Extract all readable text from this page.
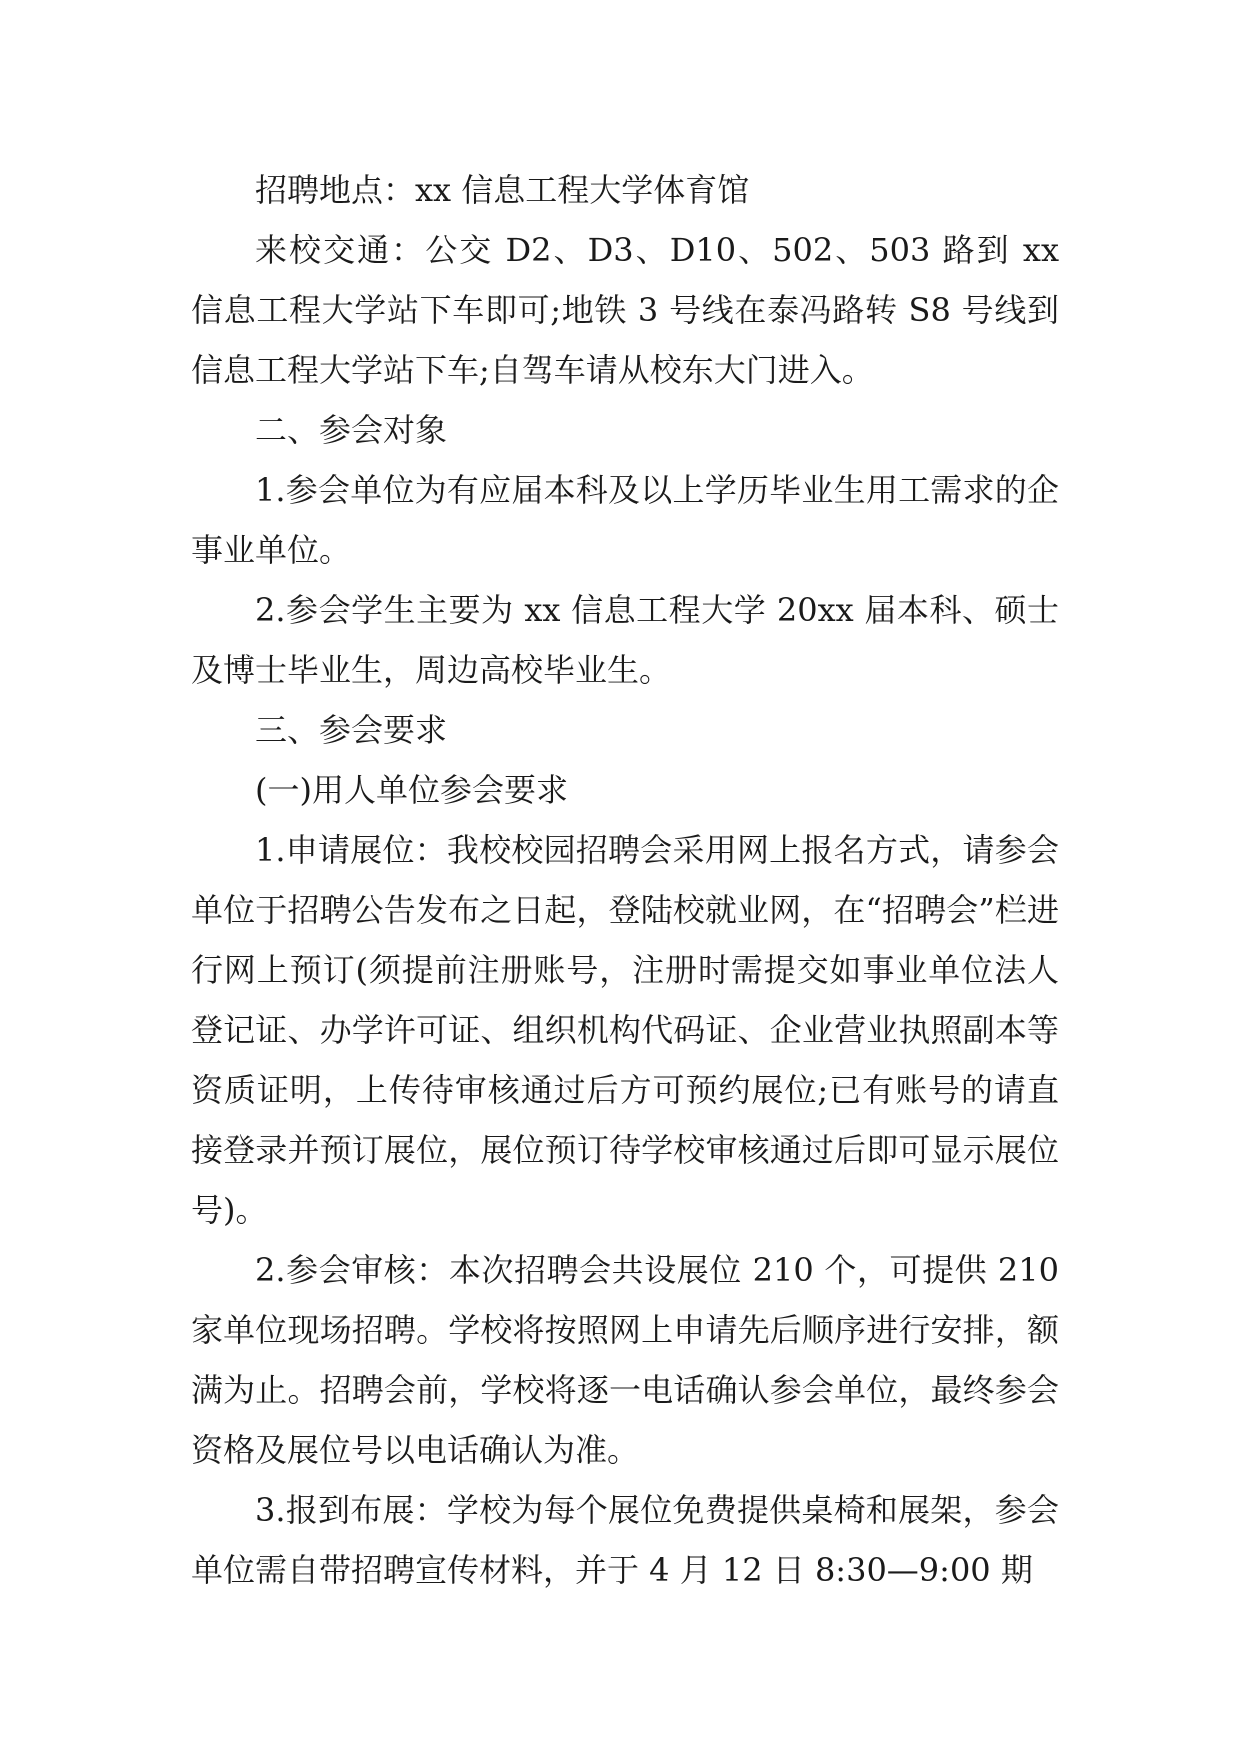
招聘地点：xx 信息工程大学体育馆

来校交通：公交 D2、D3、D10、502、503 路到 xx 信息工程大学站下车即可;地铁 3 号线在泰冯路转 S8 号线到信息工程大学站下车;自驾车请从校东大门进入。

二、参会对象

1.参会单位为有应届本科及以上学历毕业生用工需求的企事业单位。

2.参会学生主要为 xx 信息工程大学 20xx 届本科、硕士及博士毕业生，周边高校毕业生。

三、参会要求

(一)用人单位参会要求

1.申请展位：我校校园招聘会采用网上报名方式，请参会单位于招聘公告发布之日起，登陆校就业网，在“招聘会”栏进行网上预订(须提前注册账号，注册时需提交如事业单位法人登记证、办学许可证、组织机构代码证、企业营业执照副本等资质证明，上传待审核通过后方可预约展位;已有账号的请直接登录并预订展位，展位预订待学校审核通过后即可显示展位号)。

2.参会审核：本次招聘会共设展位 210 个，可提供 210 家单位现场招聘。学校将按照网上申请先后顺序进行安排，额满为止。招聘会前，学校将逐一电话确认参会单位，最终参会资格及展位号以电话确认为准。

3.报到布展：学校为每个展位免费提供桌椅和展架，参会单位需自带招聘宣传材料，并于 4 月 12 日 8:30—9:00 期
